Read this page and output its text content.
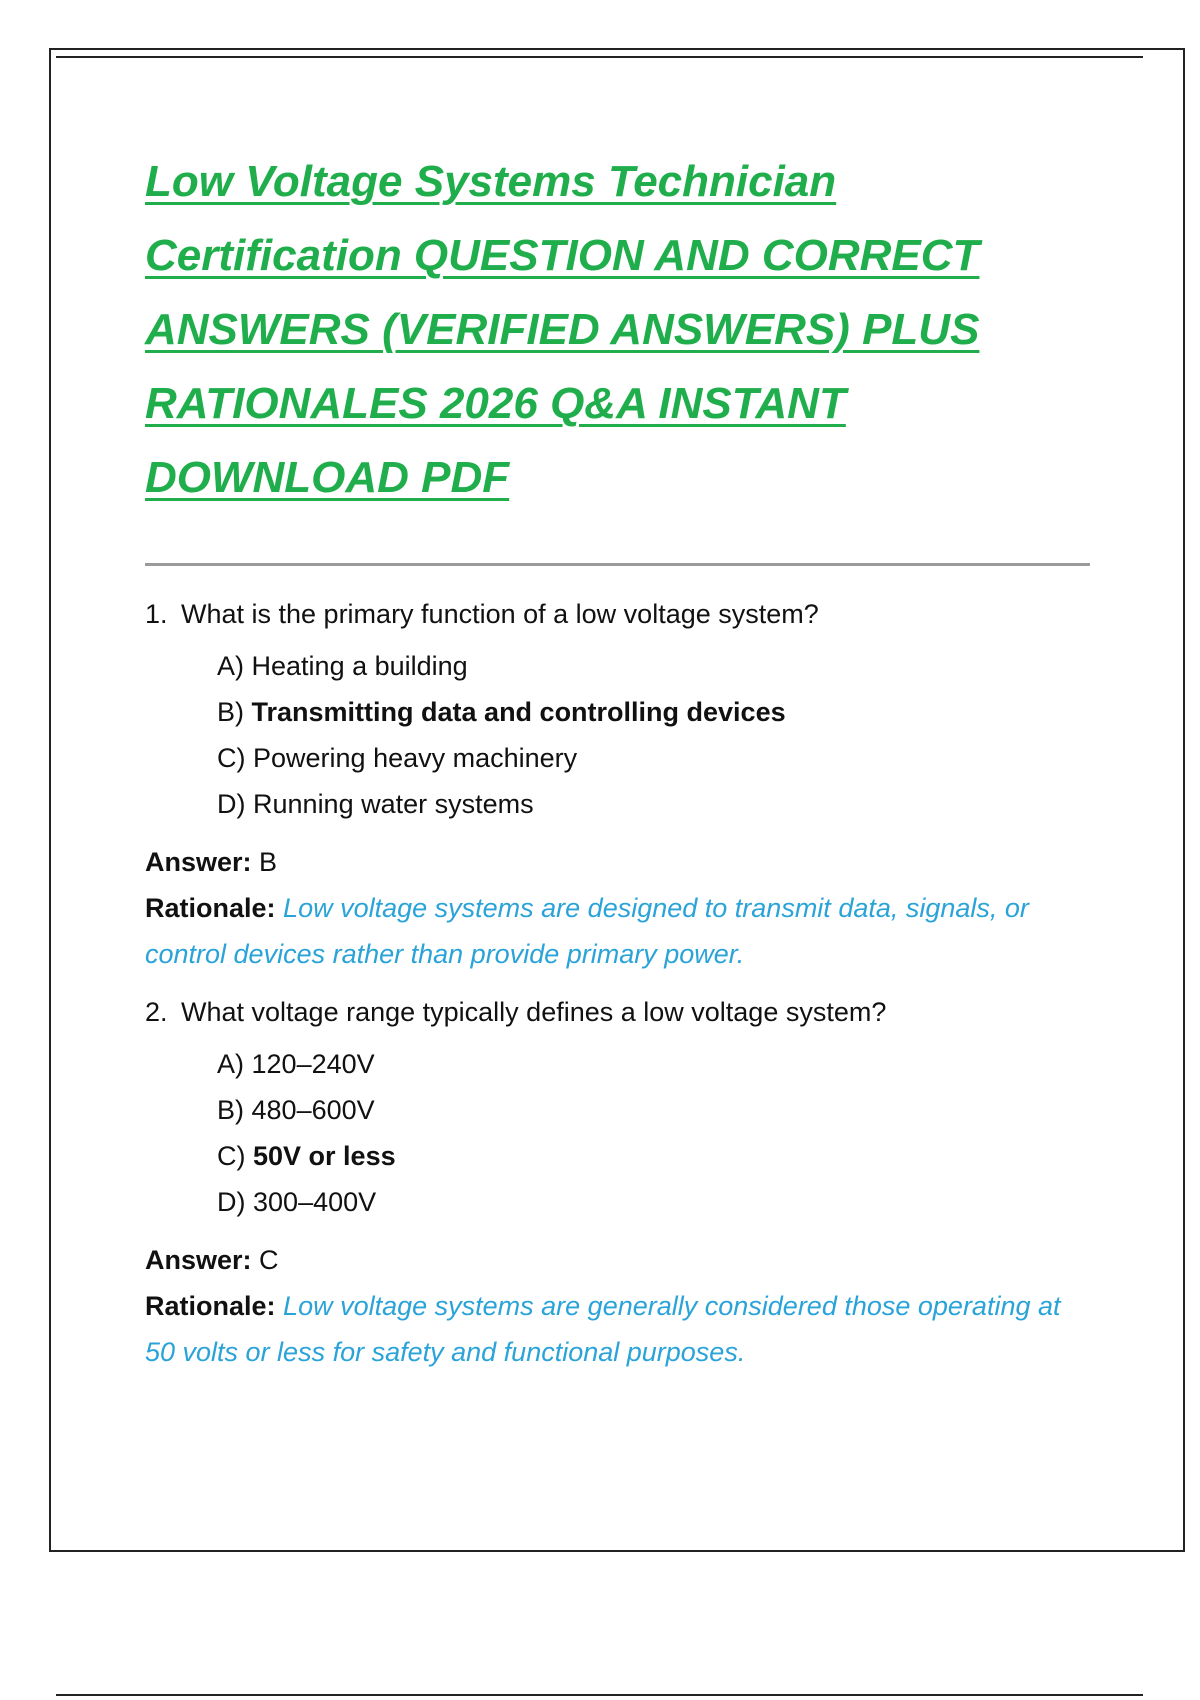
Low Voltage Systems Technician Certification QUESTION AND CORRECT ANSWERS (VERIFIED ANSWERS) PLUS RATIONALES 2026 Q&A INSTANT DOWNLOAD PDF

1. What is the primary function of a low voltage system?

A) Heating a building
B) Transmitting data and controlling devices
C) Powering heavy machinery
D) Running water systems

Answer: B

Rationale: Low voltage systems are designed to transmit data, signals, or control devices rather than provide primary power.

2. What voltage range typically defines a low voltage system?

A) 120–240V
B) 480–600V
C) 50V or less
D) 300–400V

Answer: C

Rationale: Low voltage systems are generally considered those operating at 50 volts or less for safety and functional purposes.
